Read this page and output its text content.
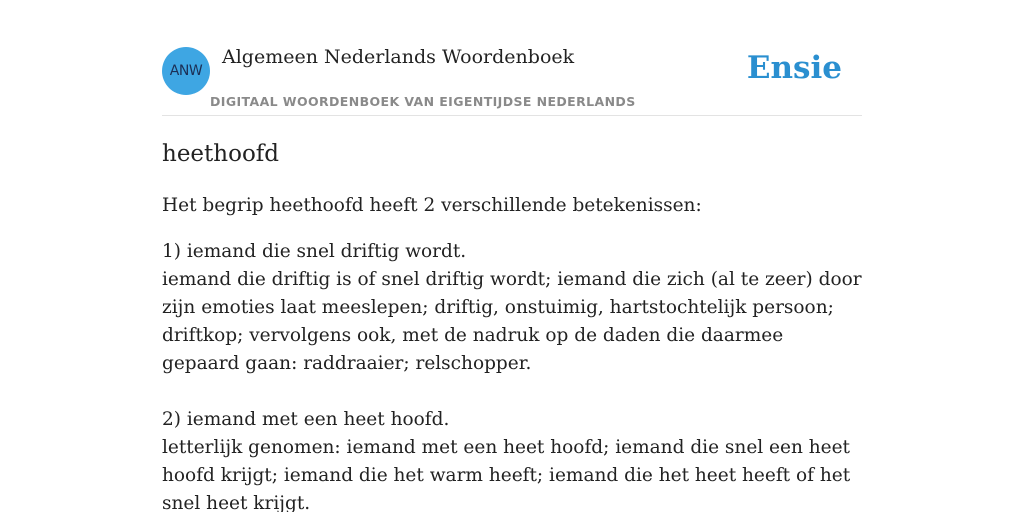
ANW
Algemeen Nederlands Woordenboek
DIGITAAL WOORDENBOEK VAN EIGENTIJDSE NEDERLANDS
Ensie
heethoofd

Het begrip heethoofd heeft 2 verschillende betekenissen:

1) iemand die snel driftig wordt.
iemand die driftig is of snel driftig wordt; iemand die zich (al te zeer) door zijn emoties laat meeslepen; driftig, onstuimig, hartstochtelijk persoon; driftkop; vervolgens ook, met de nadruk op de daden die daarmee gepaard gaan: raddraaier; relschopper.
2) iemand met een heet hoofd.
letterlijk genomen: iemand met een heet hoofd; iemand die snel een heet hoofd krijgt; iemand die het warm heeft; iemand die het heet heeft of het snel heet krijgt.
